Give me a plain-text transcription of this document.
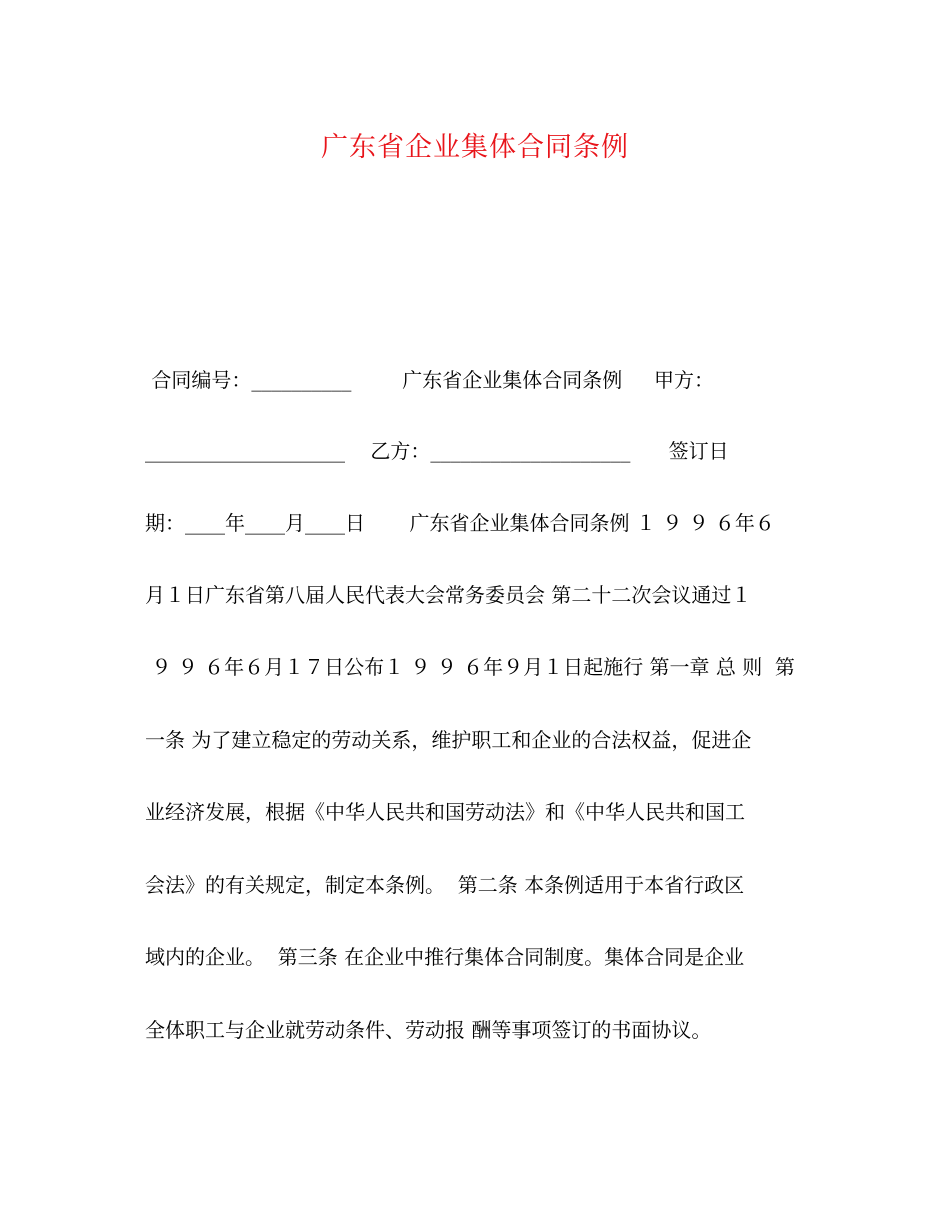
广东省企业集体合同条例
合同编号：__________        广东省企业集体合同条例     甲方：
____________________    乙方：____________________      签订日
期：____年____月____日       广东省企业集体合同条例 １ ９ ９ ６年６
月１日广东省第八届人民代表大会常务委员会 第二十二次会议通过１
９ ９ ６年６月１７日公布１ ９ ９ ６年９月１日起施行 第一章 总 则  第
一条 为了建立稳定的劳动关系，维护职工和企业的合法权益，促进企
业经济发展，根据《中华人民共和国劳动法》和《中华人民共和国工
会法》的有关规定，制定本条例。  第二条 本条例适用于本省行政区
域内的企业。  第三条 在企业中推行集体合同制度。集体合同是企业
全体职工与企业就劳动条件、劳动报 酬等事项签订的书面协议。
